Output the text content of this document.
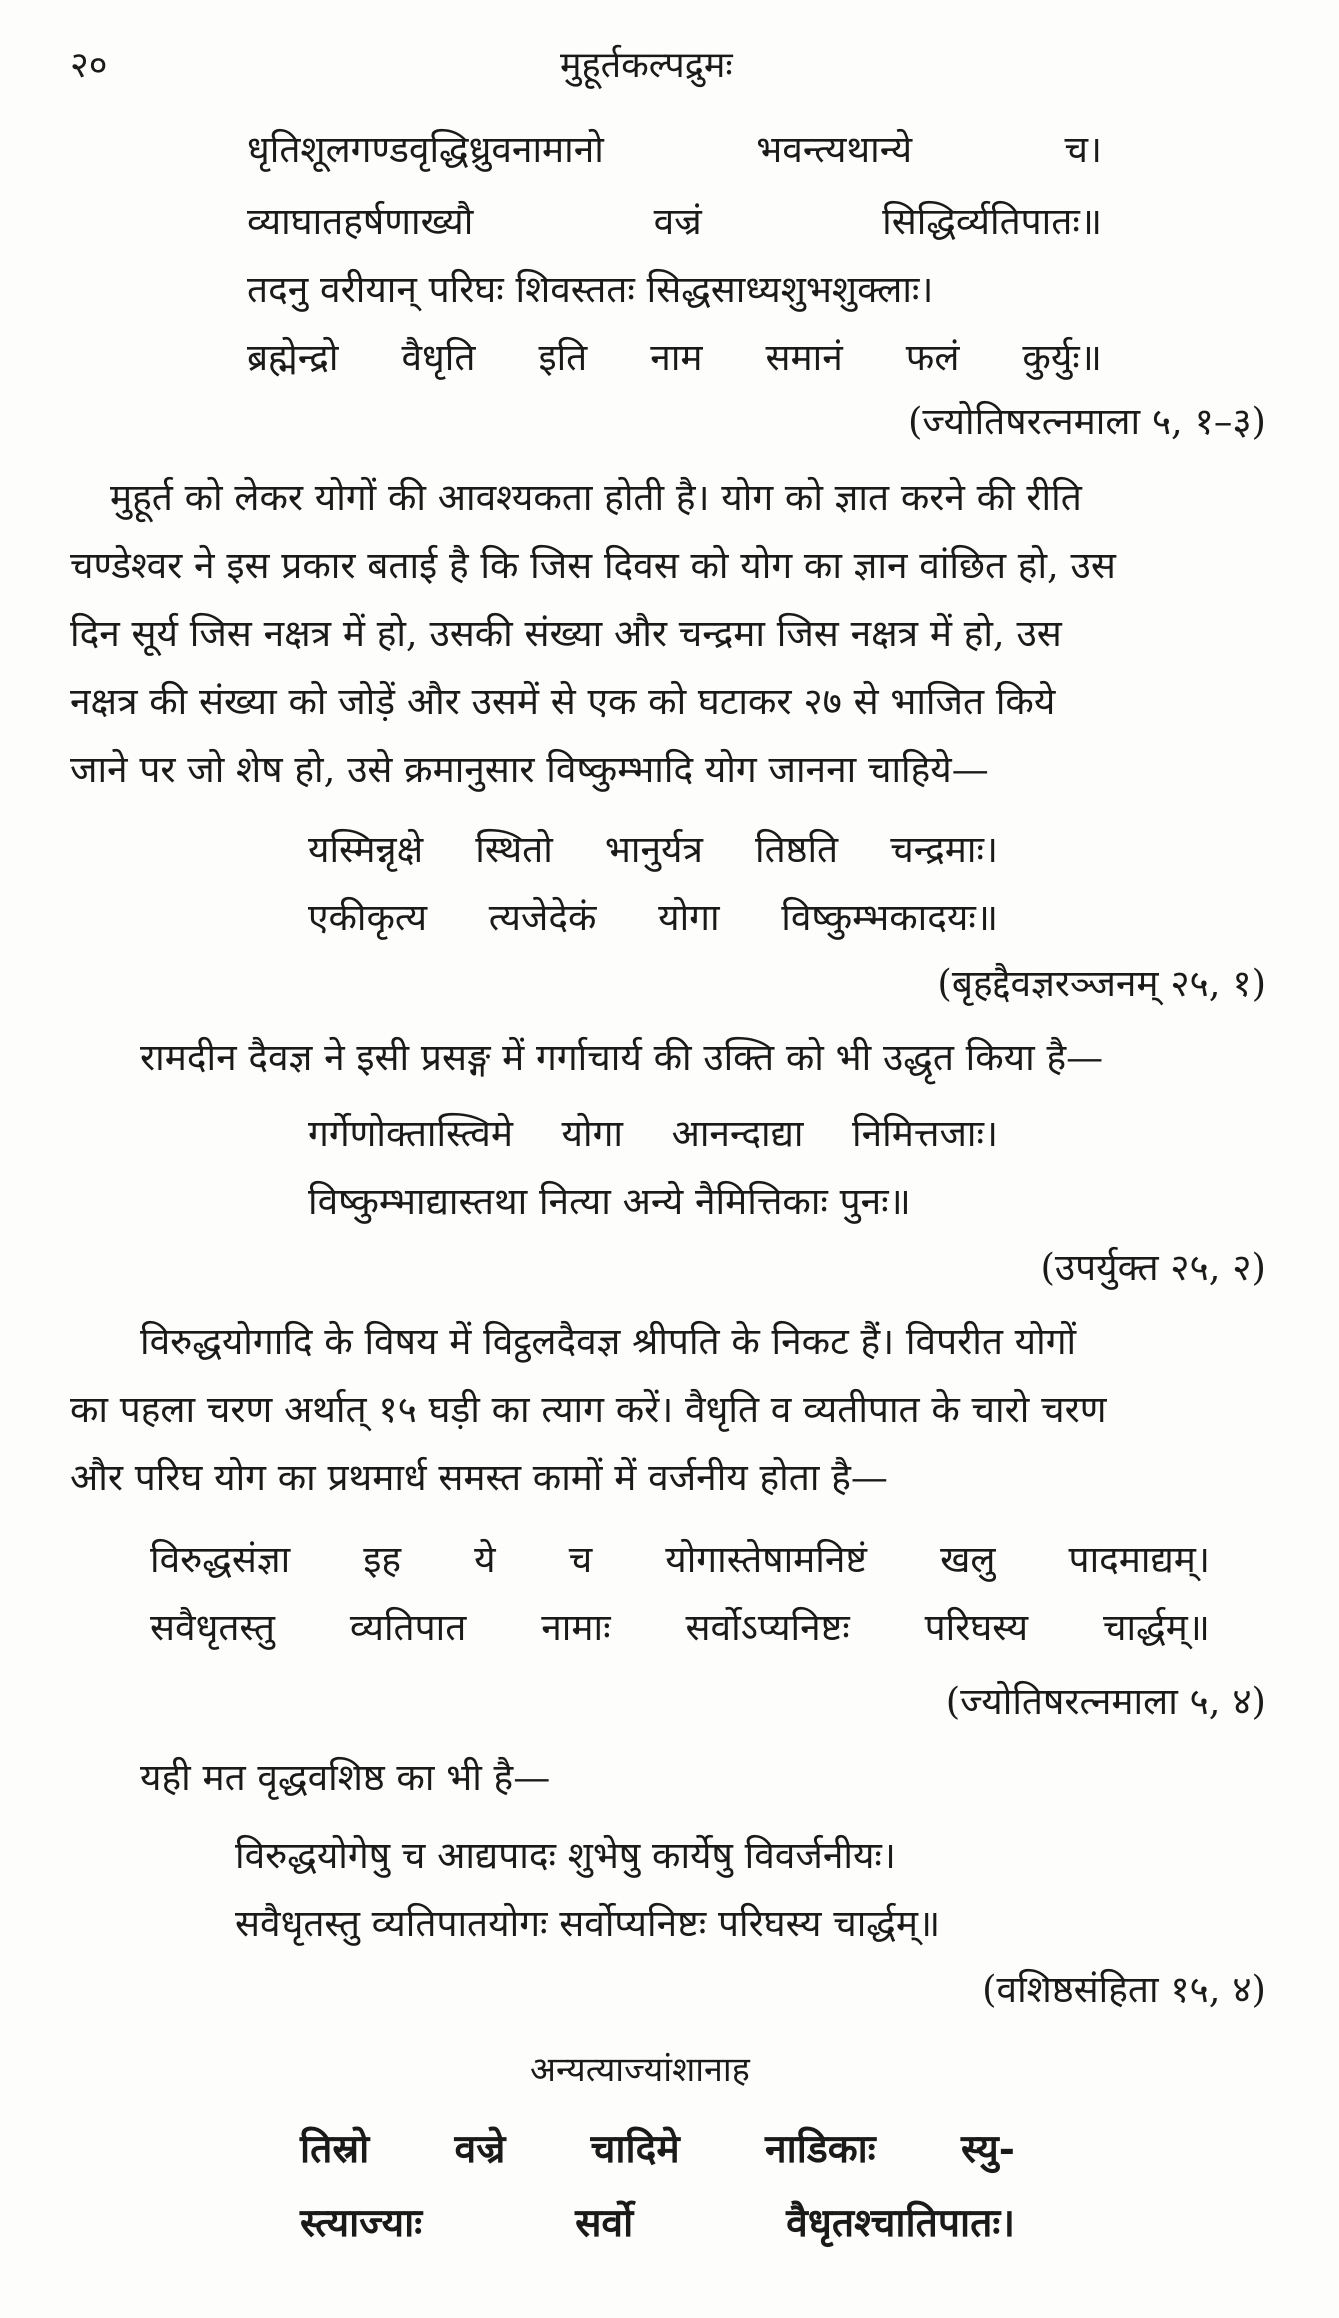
२०	मुहूर्तकल्पद्रुमः
धृतिशूलगण्डवृद्धिध्रुवनामानो	भवन्त्यथान्ये	च।
व्याघातहर्षणाख्यौ	वज्रं	सिद्धिर्व्यतिपातः॥
तदनु वरीयान् परिघः शिवस्ततः सिद्धसाध्यशुभशुक्लाः।
ब्रह्मेन्द्रो वैधृति इति नाम समानं फलं कुर्युः॥
(ज्योतिषरत्नमाला ५, १–३)
मुहूर्त को लेकर योगों की आवश्यकता होती है। योग को ज्ञात करने की रीति
चण्डेश्वर ने इस प्रकार बताई है कि जिस दिवस को योग का ज्ञान वांछित हो, उस
दिन सूर्य जिस नक्षत्र में हो, उसकी संख्या और चन्द्रमा जिस नक्षत्र में हो, उस
नक्षत्र की संख्या को जोड़ें और उसमें से एक को घटाकर २७ से भाजित किये
जाने पर जो शेष हो, उसे क्रमानुसार विष्कुम्भादि योग जानना चाहिये—
यस्मिन्नृक्षे स्थितो भानुर्यत्र तिष्ठति चन्द्रमाः।
एकीकृत्य त्यजेदेकं योगा विष्कुम्भकादयः॥
(बृहद्दैवज्ञरञ्जनम् २५, १)
रामदीन दैवज्ञ ने इसी प्रसङ्ग में गर्गाचार्य की उक्ति को भी उद्धृत किया है—
गर्गेणोक्तास्त्विमे योगा आनन्दाद्या निमित्तजाः।
विष्कुम्भाद्यास्तथा नित्या अन्ये नैमित्तिकाः पुनः॥
(उपर्युक्त २५, २)
विरुद्धयोगादि के विषय में विट्ठलदैवज्ञ श्रीपति के निकट हैं। विपरीत योगों
का पहला चरण अर्थात् १५ घड़ी का त्याग करें। वैधृति व व्यतीपात के चारो चरण
और परिघ योग का प्रथमार्ध समस्त कामों में वर्जनीय होता है—
विरुद्धसंज्ञा इह ये च योगास्तेषामनिष्टं खलु पादमाद्यम्।
सवैधृतस्तु व्यतिपात नामाः सर्वोऽप्यनिष्टः परिघस्य चार्द्धम्॥
(ज्योतिषरत्नमाला ५, ४)
यही मत वृद्धवशिष्ठ का भी है—
विरुद्धयोगेषु च आद्यपादः शुभेषु कार्येषु विवर्जनीयः।
सवैधृतस्तु व्यतिपातयोगः सर्वोप्यनिष्टः परिघस्य चार्द्धम्॥
(वशिष्ठसंहिता १५, ४)
अन्यत्याज्यांशानाह
तिस्रो वज्रे चादिमे नाडिकाः स्यु-
स्त्याज्याः	सर्वो	वैधृतश्चातिपातः।
